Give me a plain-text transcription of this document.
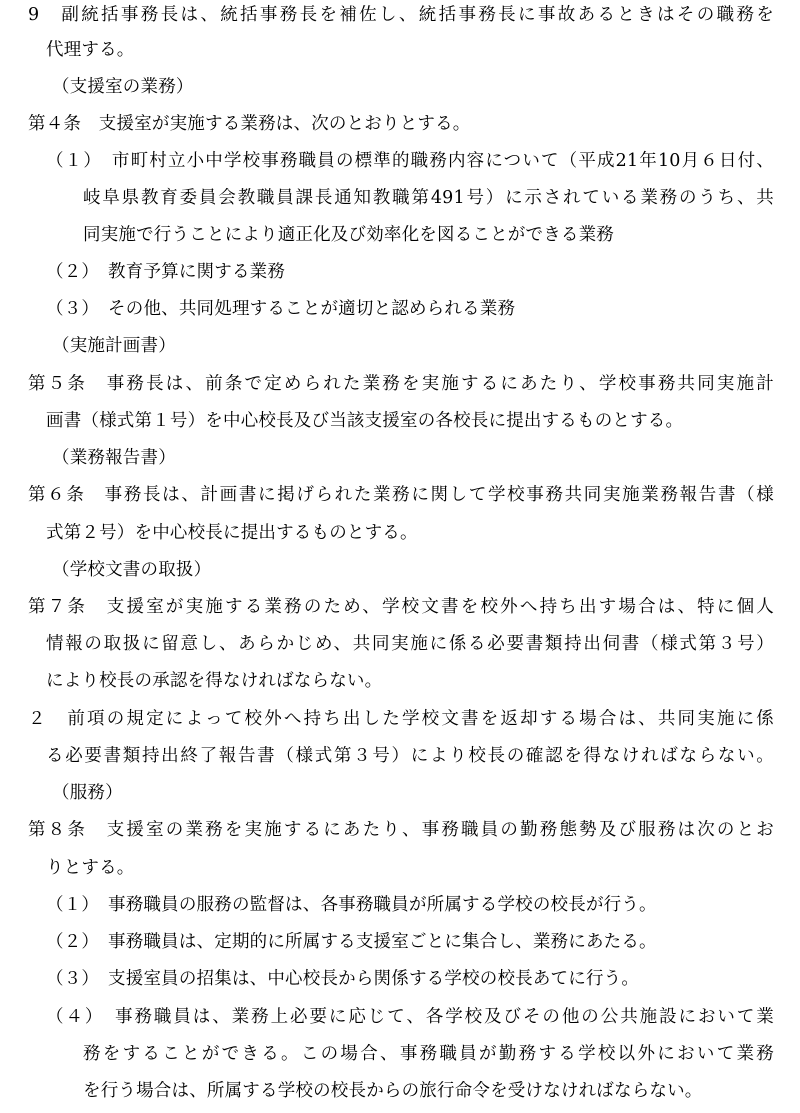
9　副統括事務長は、統括事務長を補佐し、統括事務長に事故あるときはその職務を
代理する。
（支援室の業務）
第４条　支援室が実施する業務は、次のとおりとする。
（１）　市町村立小中学校事務職員の標準的職務内容について（平成21年10月６日付、
岐阜県教育委員会教職員課長通知教職第491号）に示されている業務のうち、共
同実施で行うことにより適正化及び効率化を図ることができる業務
（２）　教育予算に関する業務
（３）　その他、共同処理することが適切と認められる業務
（実施計画書）
第５条　事務長は、前条で定められた業務を実施するにあたり、学校事務共同実施計
画書（様式第１号）を中心校長及び当該支援室の各校長に提出するものとする。
（業務報告書）
第６条　事務長は、計画書に掲げられた業務に関して学校事務共同実施業務報告書（様
式第２号）を中心校長に提出するものとする。
（学校文書の取扱）
第７条　支援室が実施する業務のため、学校文書を校外へ持ち出す場合は、特に個人
情報の取扱に留意し、あらかじめ、共同実施に係る必要書類持出伺書（様式第３号）
により校長の承認を得なければならない。
２　前項の規定によって校外へ持ち出した学校文書を返却する場合は、共同実施に係
る必要書類持出終了報告書（様式第３号）により校長の確認を得なければならない。
（服務）
第８条　支援室の業務を実施するにあたり、事務職員の勤務態勢及び服務は次のとお
りとする。
（１）　事務職員の服務の監督は、各事務職員が所属する学校の校長が行う。
（２）　事務職員は、定期的に所属する支援室ごとに集合し、業務にあたる。
（３）　支援室員の招集は、中心校長から関係する学校の校長あてに行う。
（４）　事務職員は、業務上必要に応じて、各学校及びその他の公共施設において業
務をすることができる。この場合、事務職員が勤務する学校以外において業務
を行う場合は、所属する学校の校長からの旅行命令を受けなければならない。
